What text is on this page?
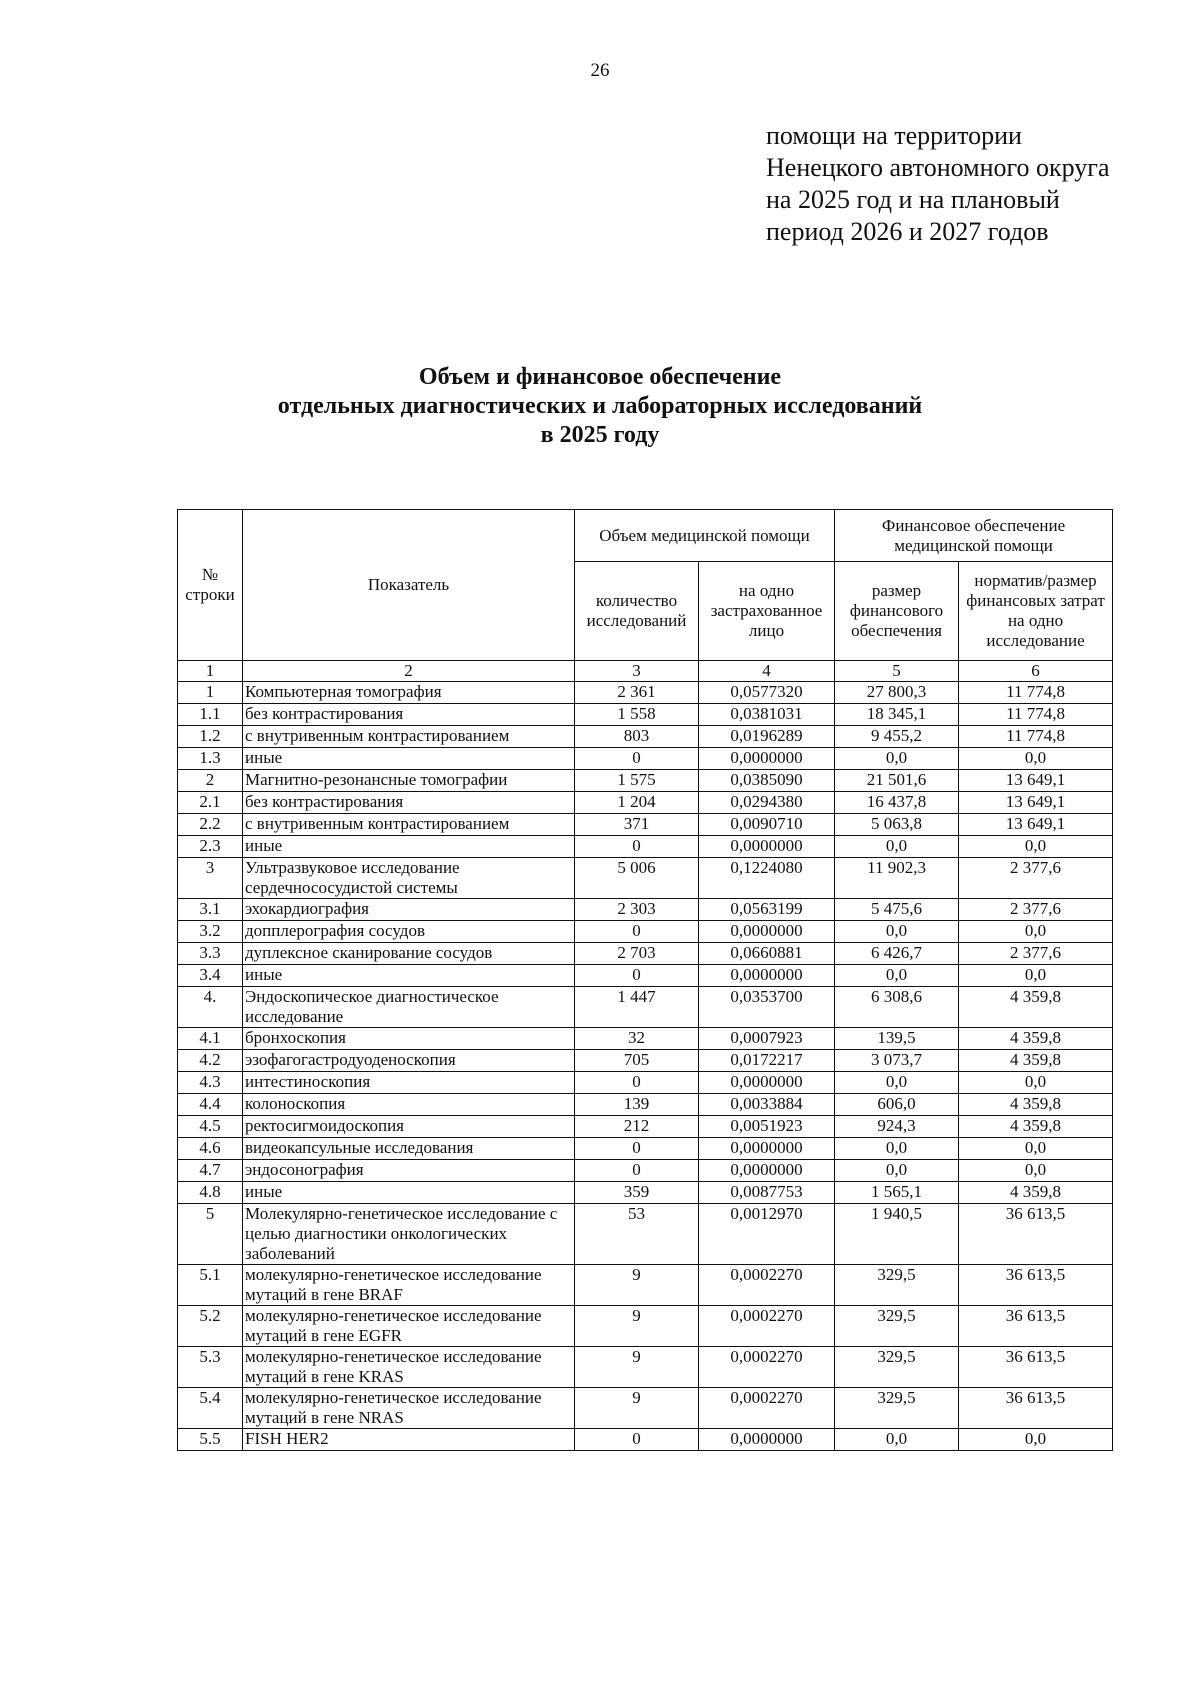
26
помощи на территории
Ненецкого автономного округа
на 2025 год и на плановый
период 2026 и 2027 годов
Объем и финансовое обеспечение
отдельных диагностических и лабораторных исследований
в 2025 году
№ строки	Показатель	Объем медицинской помощи		Финансовое обеспечение медицинской помощи	
		количество исследований	на одно застрахованное лицо	размер финансового обеспечения	норматив/размер финансовых затрат на одно исследование
1	2	3	4	5	6
1	Компьютерная томография	2 361	0,0577320	27 800,3	11 774,8
1.1	без контрастирования	1 558	0,0381031	18 345,1	11 774,8
1.2	с внутривенным контрастированием	803	0,0196289	9 455,2	11 774,8
1.3	иные	0	0,0000000	0,0	0,0
2	Магнитно-резонансные томографии	1 575	0,0385090	21 501,6	13 649,1
2.1	без контрастирования	1 204	0,0294380	16 437,8	13 649,1
2.2	с внутривенным контрастированием	371	0,0090710	5 063,8	13 649,1
2.3	иные	0	0,0000000	0,0	0,0
3	Ультразвуковое исследование сердечнососудистой системы	5 006	0,1224080	11 902,3	2 377,6
3.1	эхокардиография	2 303	0,0563199	5 475,6	2 377,6
3.2	допплерография сосудов	0	0,0000000	0,0	0,0
3.3	дуплексное сканирование сосудов	2 703	0,0660881	6 426,7	2 377,6
3.4	иные	0	0,0000000	0,0	0,0
4.	Эндоскопическое диагностическое исследование	1 447	0,0353700	6 308,6	4 359,8
4.1	бронхоскопия	32	0,0007923	139,5	4 359,8
4.2	эзофагогастродуоденоскопия	705	0,0172217	3 073,7	4 359,8
4.3	интестиноскопия	0	0,0000000	0,0	0,0
4.4	колоноскопия	139	0,0033884	606,0	4 359,8
4.5	ректосигмоидоскопия	212	0,0051923	924,3	4 359,8
4.6	видеокапсульные исследования	0	0,0000000	0,0	0,0
4.7	эндосонография	0	0,0000000	0,0	0,0
4.8	иные	359	0,0087753	1 565,1	4 359,8
5	Молекулярно-генетическое исследование с целью диагностики онкологических заболеваний	53	0,0012970	1 940,5	36 613,5
5.1	молекулярно-генетическое исследование мутаций в гене BRAF	9	0,0002270	329,5	36 613,5
5.2	молекулярно-генетическое исследование мутаций в гене EGFR	9	0,0002270	329,5	36 613,5
5.3	молекулярно-генетическое исследование мутаций в гене KRAS	9	0,0002270	329,5	36 613,5
5.4	молекулярно-генетическое исследование мутаций в гене NRAS	9	0,0002270	329,5	36 613,5
5.5	FISH HER2	0	0,0000000	0,0	0,0
